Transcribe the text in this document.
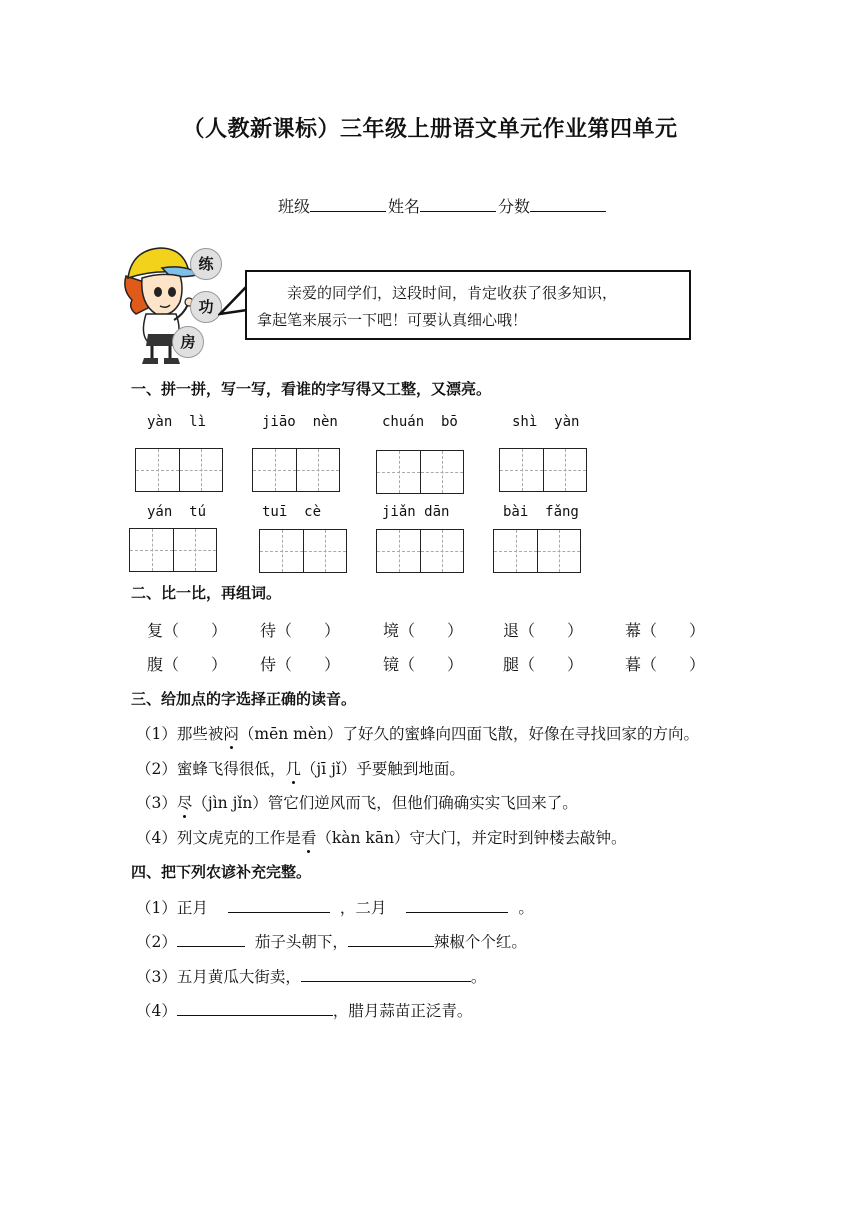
（人教新课标）三年级上册语文单元作业第四单元
班级	姓名	分数
练
功
房
亲爱的同学们，这段时间，肯定收获了很多知识，
拿起笔来展示一下吧！可要认真细心哦！
一、拼一拼，写一写，看谁的字写得又工整，又漂亮。
yàn  lì	jiāo  nèn	chuán  bō	shì  yàn
yán  tú	tuī  cè	jiǎn dān	bài  fǎng
二、比一比，再组词。
复（　　） 待（　　）	境（　　） 退（　　）	幕（　　）
腹（　　） 侍（　　）	镜（　　） 腿（　　）	暮（　　）
三、给加点的字选择正确的读音。
（1）那些被闷（mēn mèn）了好久的蜜蜂向四面飞散，好像在寻找回家的方向。
（2）蜜蜂飞得很低，几（jī jǐ）乎要触到地面。
（3）尽（jìn jǐn）管它们逆风而飞，但他们确确实实飞回来了。
（4）列文虎克的工作是看（kàn kān）守大门，并定时到钟楼去敲钟。
四、把下列农谚补充完整。
（1）正月	，二月	。
（2）	茄子头朝下，	辣椒个个红。
（3）五月黄瓜大街卖，	。
（4）	，腊月蒜苗正泛青。
